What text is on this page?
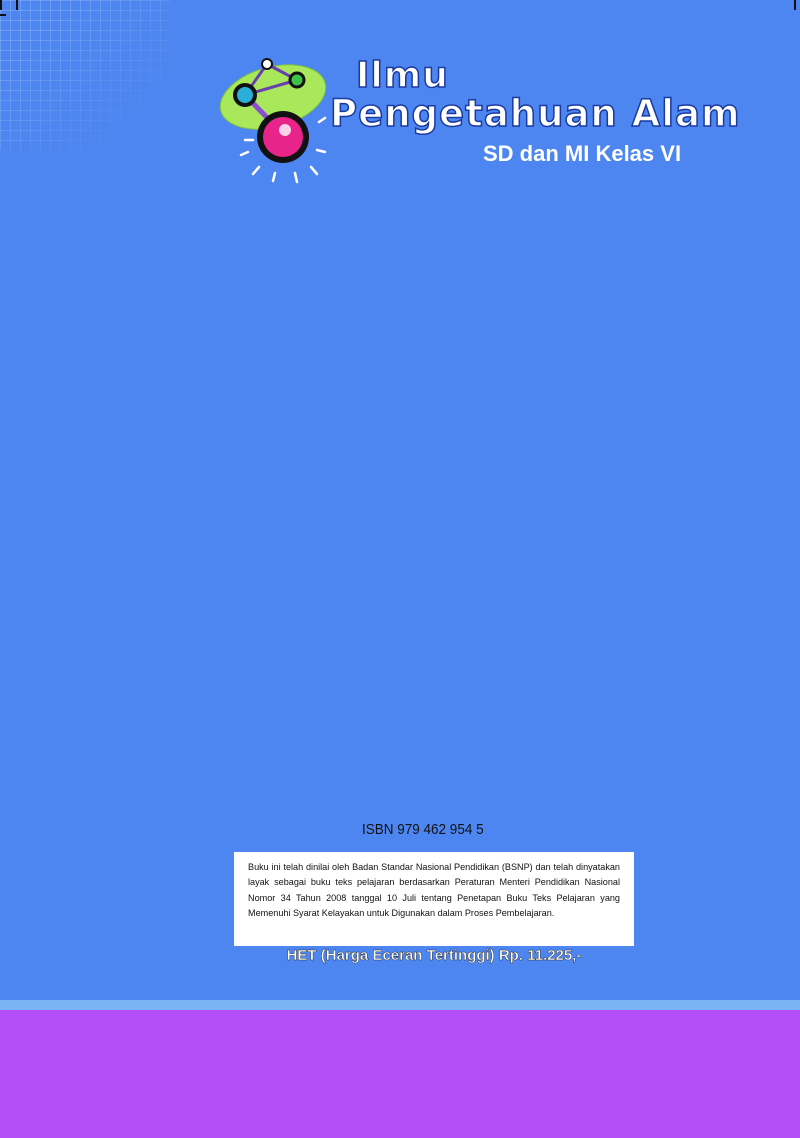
Ilmu
Pengetahuan Alam
SD dan MI Kelas VI
ISBN 979 462 954 5
Buku ini telah dinilai oleh Badan Standar Nasional Pendidikan (BSNP) dan telah dinyatakan layak sebagai buku teks pelajaran berdasarkan Peraturan Menteri Pendidikan Nasional Nomor 34 Tahun 2008 tanggal 10 Juli tentang Penetapan Buku Teks Pelajaran yang Memenuhi Syarat Kelayakan untuk Digunakan dalam Proses Pembelajaran.
HET (Harga Eceran Tertinggi) Rp. 11.225,-
